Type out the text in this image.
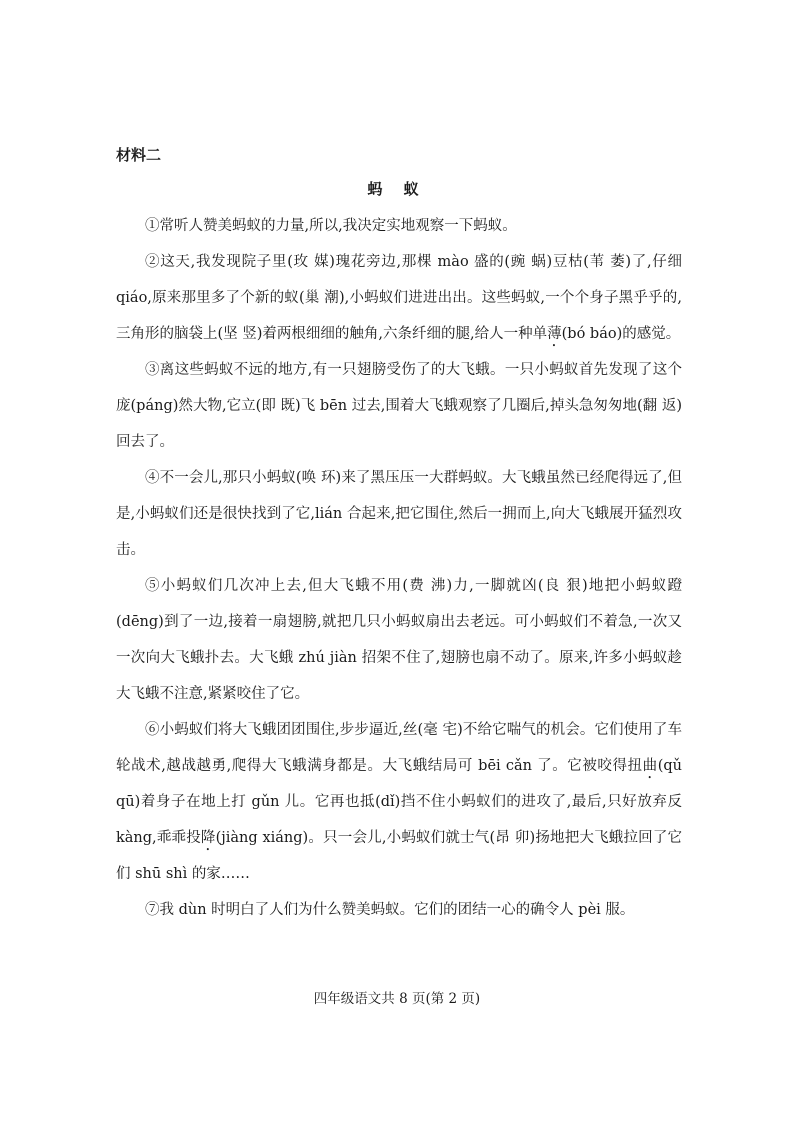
材料二
蚂 蚁

①常听人赞美蚂蚁的力量,所以,我决定实地观察一下蚂蚁。

②这天,我发现院子里(玫 媒)瑰花旁边,那棵 mào 盛的(豌 蜗)豆枯(苇 萎)了,仔细 qiáo,原来那里多了个新的蚁(巢 潮),小蚂蚁们进进出出。这些蚂蚁,一个个身子黑乎乎的,三角形的脑袋上(坚 竖)着两根细细的触角,六条纤细的腿,给人一种单薄(bó báo)的感觉。

③离这些蚂蚁不远的地方,有一只翅膀受伤了的大飞蛾。一只小蚂蚁首先发现了这个庞(páng)然大物,它立(即 既)飞 bēn 过去,围着大飞蛾观察了几圈后,掉头急匆匆地(翻 返)回去了。

④不一会儿,那只小蚂蚁(唤 环)来了黑压压一大群蚂蚁。大飞蛾虽然已经爬得远了,但是,小蚂蚁们还是很快找到了它,lián 合起来,把它围住,然后一拥而上,向大飞蛾展开猛烈攻击。

⑤小蚂蚁们几次冲上去,但大飞蛾不用(费 沸)力,一脚就凶(良 狠)地把小蚂蚁蹬(dēng)到了一边,接着一扇翅膀,就把几只小蚂蚁扇出去老远。可小蚂蚁们不着急,一次又一次向大飞蛾扑去。大飞蛾 zhú jiàn 招架不住了,翅膀也扇不动了。原来,许多小蚂蚁趁大飞蛾不注意,紧紧咬住了它。

⑥小蚂蚁们将大飞蛾团团围住,步步逼近,丝(毫 宅)不给它喘气的机会。它们使用了车轮战术,越战越勇,爬得大飞蛾满身都是。大飞蛾结局可 bēi cǎn 了。它被咬得扭曲(qǔ qū)着身子在地上打 gǔn 儿。它再也抵(dǐ)挡不住小蚂蚁们的进攻了,最后,只好放弃反 kàng,乖乖投降(jiàng xiáng)。只一会儿,小蚂蚁们就士气(昂 卯)扬地把大飞蛾拉回了它们 shū shì 的家……

⑦我 dùn 时明白了人们为什么赞美蚂蚁。它们的团结一心的确令人 pèi 服。

四年级语文共 8 页(第 2 页)
